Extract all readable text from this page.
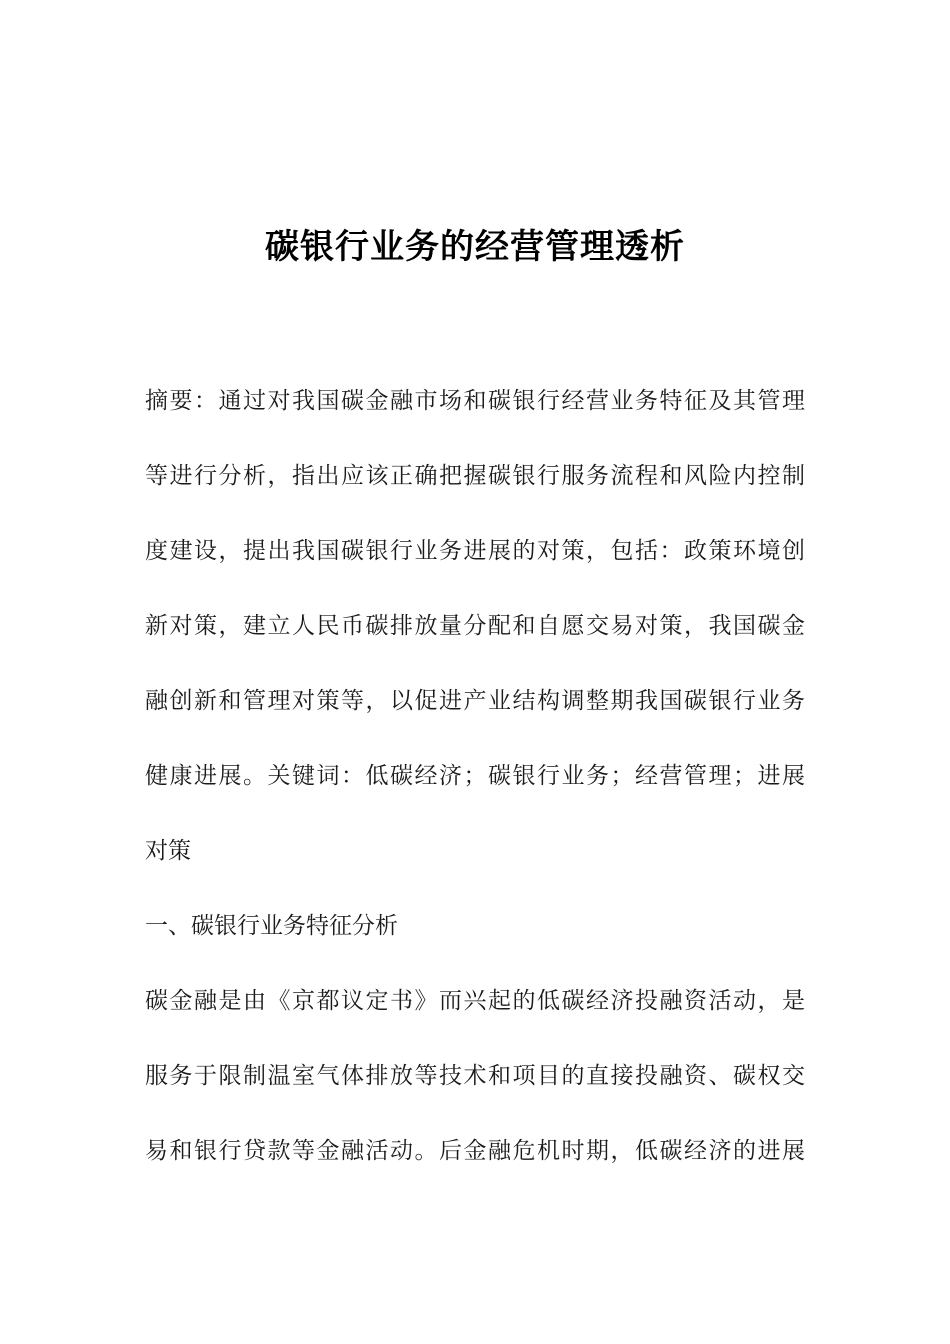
碳银行业务的经营管理透析
摘要：通过对我国碳金融市场和碳银行经营业务特征及其管理
等进行分析，指出应该正确把握碳银行服务流程和风险内控制
度建设，提出我国碳银行业务进展的对策，包括：政策环境创
新对策，建立人民币碳排放量分配和自愿交易对策，我国碳金
融创新和管理对策等，以促进产业结构调整期我国碳银行业务
健康进展。关键词：低碳经济；碳银行业务；经营管理；进展
对策
一、碳银行业务特征分析
碳金融是由《京都议定书》而兴起的低碳经济投融资活动，是
服务于限制温室气体排放等技术和项目的直接投融资、碳权交
易和银行贷款等金融活动。后金融危机时期，低碳经济的进展
